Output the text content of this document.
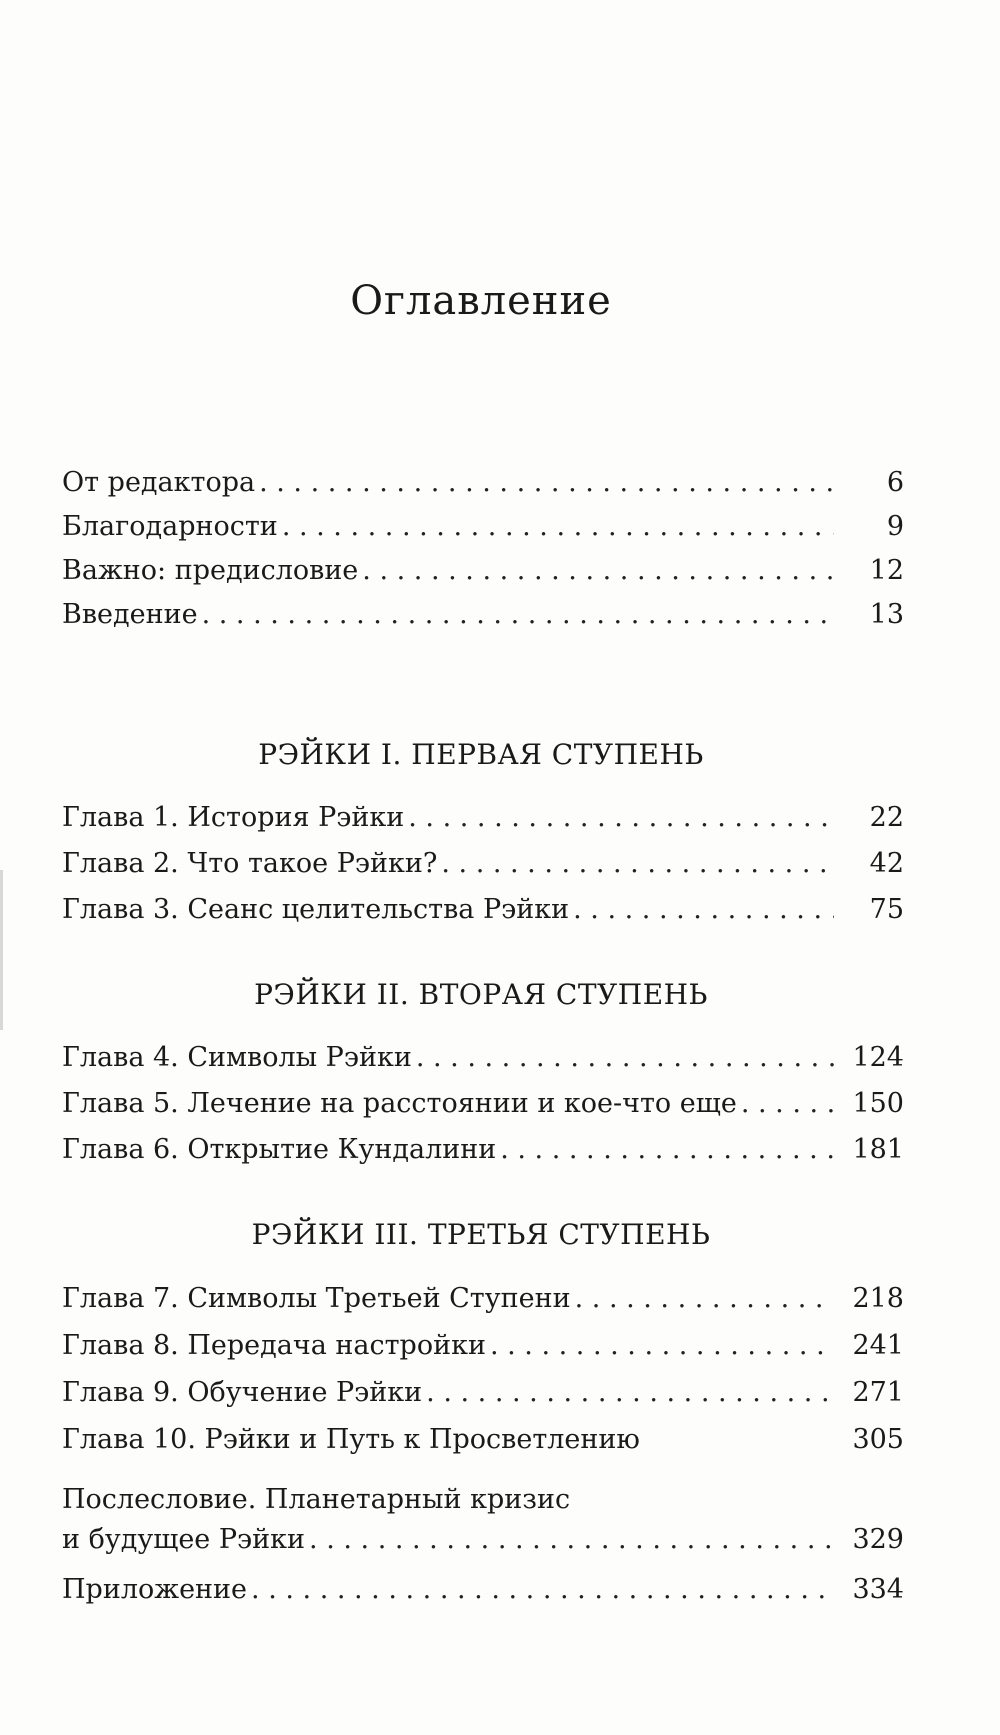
Оглавление
От редактора . . .	6
Благодарности . . .	9
Важно: предисловие . . .	12
Введение . . .	13
РЭЙКИ I. ПЕРВАЯ СТУПЕНЬ
Глава 1. История Рэйки . . .	22
Глава 2. Что такое Рэйки? . . .	42
Глава 3. Сеанс целительства Рэйки . . .	75
РЭЙКИ II. ВТОРАЯ СТУПЕНЬ
Глава 4. Символы Рэйки . . .	124
Глава 5. Лечение на расстоянии и кое-что еще . . .	150
Глава 6. Открытие Кундалини . . .	181
РЭЙКИ III. ТРЕТЬЯ СТУПЕНЬ
Глава 7. Символы Третьей Ступени . . .	218
Глава 8. Передача настройки . . .	241
Глава 9. Обучение Рэйки . . .	271
Глава 10. Рэйки и Путь к Просветлению	305
Послесловие. Планетарный кризис
и будущее Рэйки . . .	329
Приложение . . .	334
